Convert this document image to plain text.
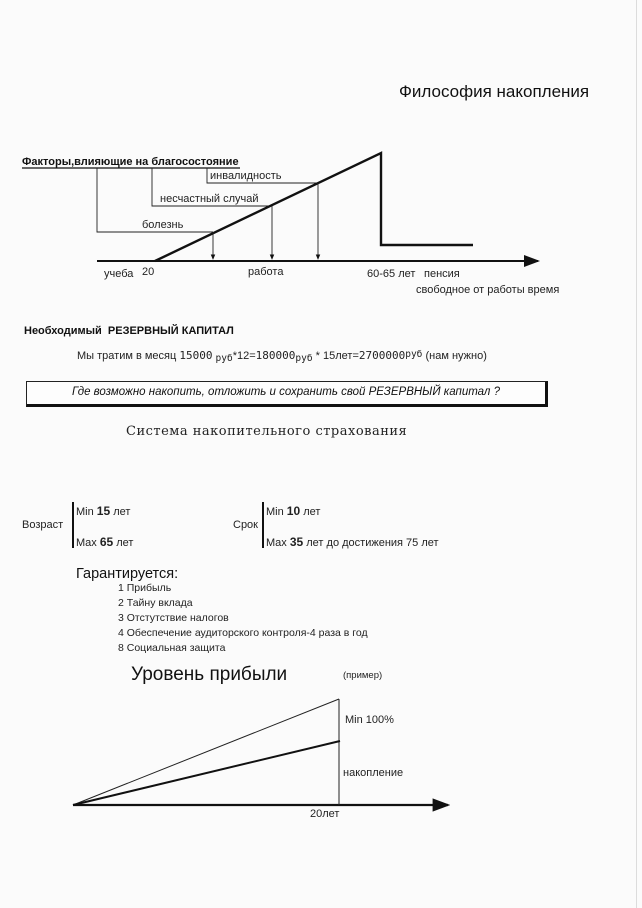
Философия накопления
Факторы,влияющие на благосостояние
инвалидность
несчастный случай
болезнь
учеба 20	работа	60-65 лет пенсия
свободное от работы время
Необходимый РЕЗЕРВНЫЙ КАПИТАЛ
Мы тратим в месяц 15000 руб*12=180000руб * 15лет=2700000руб (нам нужно)
Где возможно накопить, отложить и сохранить свой РЕЗЕРВНЫЙ капитал ?
Система накопительного страхования
Возраст
Min 15 лет
Max 65 лет
Срок
Min 10 лет
Max 35 лет до достижения 75 лет
Гарантируется:
1 Прибыль
2 Тайну вклада
3 Отстутствие налогов
4 Обеспечение аудиторского контроля-4 раза в год
8 Социальная защита
Уровень прибыли	(пример)
Min 100%
накопление
20лет
